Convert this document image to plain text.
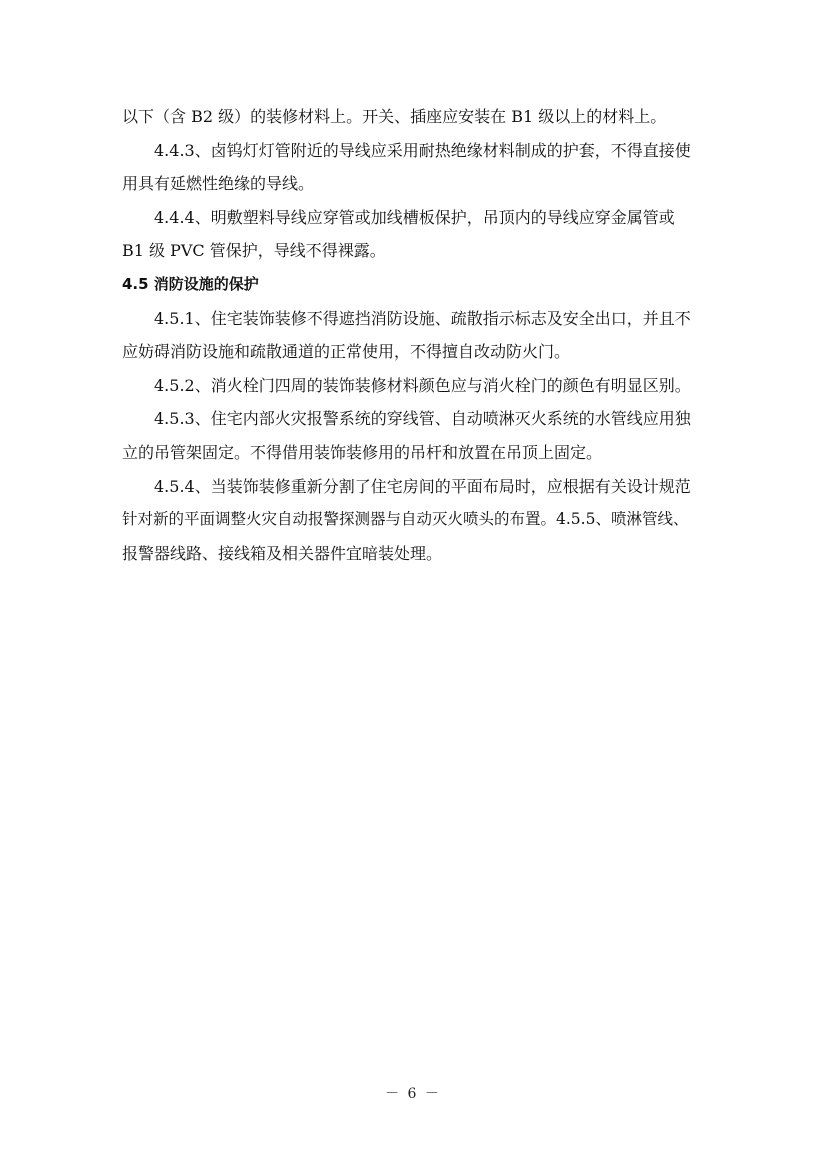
以下（含 B2 级）的装修材料上。开关、插座应安装在 B1 级以上的材料上。
4.4.3、卤钨灯灯管附近的导线应采用耐热绝缘材料制成的护套，不得直接使
用具有延燃性绝缘的导线。
4.4.4、明敷塑料导线应穿管或加线槽板保护，吊顶内的导线应穿金属管或
B1 级 PVC 管保护，导线不得裸露。
4.5 消防设施的保护
4.5.1、住宅装饰装修不得遮挡消防设施、疏散指示标志及安全出口，并且不
应妨碍消防设施和疏散通道的正常使用，不得擅自改动防火门。
4.5.2、消火栓门四周的装饰装修材料颜色应与消火栓门的颜色有明显区别。
4.5.3、住宅内部火灾报警系统的穿线管、自动喷淋灭火系统的水管线应用独
立的吊管架固定。不得借用装饰装修用的吊杆和放置在吊顶上固定。
4.5.4、当装饰装修重新分割了住宅房间的平面布局时，应根据有关设计规范
针对新的平面调整火灾自动报警探测器与自动灭火喷头的布置。4.5.5、喷淋管线、
报警器线路、接线箱及相关器件宜暗装处理。
－ 6 －
